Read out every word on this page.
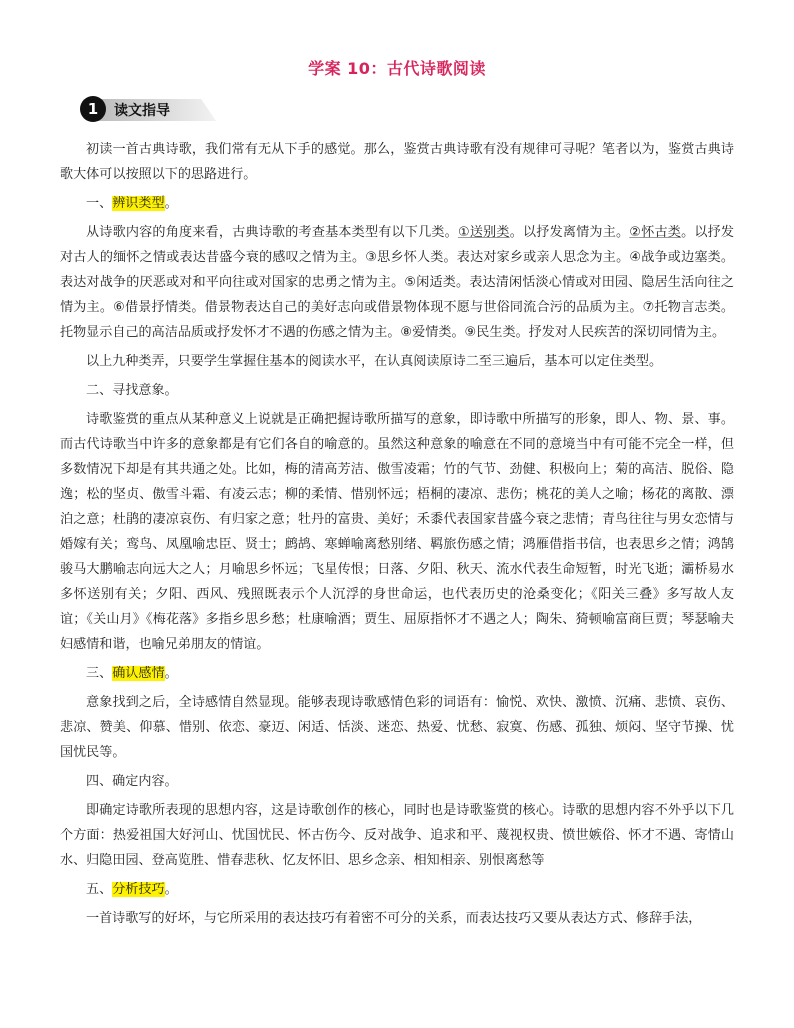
学案 10：古代诗歌阅读
1	读文指导

初读一首古典诗歌，我们常有无从下手的感觉。那么，鉴赏古典诗歌有没有规律可寻呢？笔者以为，鉴赏古典诗歌大体可以按照以下的思路进行。

一、辨识类型。

从诗歌内容的角度来看，古典诗歌的考查基本类型有以下几类。①送别类。以抒发离情为主。②怀古类。以抒发对古人的缅怀之情或表达昔盛今衰的感叹之情为主。③思乡怀人类。表达对家乡或亲人思念为主。④战争或边塞类。表达对战争的厌恶或对和平向往或对国家的忠勇之情为主。⑤闲适类。表达清闲恬淡心情或对田园、隐居生活向往之情为主。⑥借景抒情类。借景物表达自己的美好志向或借景物体现不愿与世俗同流合污的品质为主。⑦托物言志类。托物显示自己的高洁品质或抒发怀才不遇的伤感之情为主。⑧爱情类。⑨民生类。抒发对人民疾苦的深切同情为主。

以上九种类弄，只要学生掌握住基本的阅读水平，在认真阅读原诗二至三遍后，基本可以定住类型。

二、寻找意象。

诗歌鉴赏的重点从某种意义上说就是正确把握诗歌所描写的意象，即诗歌中所描写的形象，即人、物、景、事。而古代诗歌当中许多的意象都是有它们各自的喻意的。虽然这种意象的喻意在不同的意境当中有可能不完全一样，但多数情况下却是有其共通之处。比如，梅的清高芳洁、傲雪凌霜；竹的气节、劲健、积极向上；菊的高洁、脱俗、隐逸；松的坚贞、傲雪斗霜、有凌云志；柳的柔情、惜别怀远；梧桐的凄凉、悲伤；桃花的美人之喻；杨花的离散、漂泊之意；杜鹃的凄凉哀伤、有归家之意；牡丹的富贵、美好；禾黍代表国家昔盛今衰之悲情；青鸟往往与男女恋情与婚嫁有关；鸾鸟、凤凰喻忠臣、贤士；鹧鸪、寒蝉喻离愁别绪、羁旅伤感之情；鸿雁借指书信，也表思乡之情；鸿鹄骏马大鹏喻志向远大之人；月喻思乡怀远；飞星传恨；日落、夕阳、秋天、流水代表生命短暂，时光飞逝；灞桥易水多怀送别有关；夕阳、西风、残照既表示个人沉浮的身世命运，也代表历史的沧桑变化；《阳关三叠》多写故人友谊；《关山月》《梅花落》多指乡思乡愁；杜康喻酒；贾生、屈原指怀才不遇之人；陶朱、猗顿喻富商巨贾；琴瑟喻夫妇感情和谐，也喻兄弟朋友的情谊。

三、确认感情。

意象找到之后，全诗感情自然显现。能够表现诗歌感情色彩的词语有：愉悦、欢快、激愤、沉痛、悲愤、哀伤、悲凉、赞美、仰慕、惜别、依恋、豪迈、闲适、恬淡、迷恋、热爱、忧愁、寂寞、伤感、孤独、烦闷、坚守节操、忧国忧民等。

四、确定内容。

即确定诗歌所表现的思想内容，这是诗歌创作的核心，同时也是诗歌鉴赏的核心。诗歌的思想内容不外乎以下几个方面：热爱祖国大好河山、忧国忧民、怀古伤今、反对战争、追求和平、蔑视权贵、愤世嫉俗、怀才不遇、寄情山水、归隐田园、登高览胜、惜春悲秋、忆友怀旧、思乡念亲、相知相亲、别恨离愁等

五、分析技巧。

一首诗歌写的好坏，与它所采用的表达技巧有着密不可分的关系，而表达技巧又要从表达方式、修辞手法，
